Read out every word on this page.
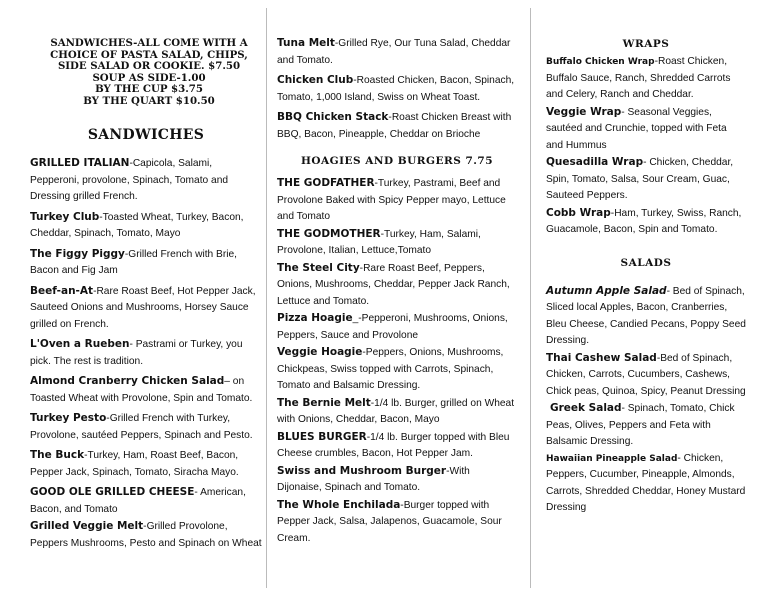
SANDWICHES-ALL COME WITH A
CHOICE OF PASTA SALAD, CHIPS,
SIDE SALAD OR COOKIE. $7.50
SOUP AS SIDE-1.00
BY THE CUP $3.75
BY THE QUART $10.50
SANDWICHES
GRILLED ITALIAN-Capicola, Salami, Pepperoni, provolone, Spinach, Tomato and Dressing grilled French.
Turkey Club-Toasted Wheat, Turkey, Bacon, Cheddar, Spinach, Tomato, Mayo
The Figgy Piggy-Grilled French with Brie, Bacon and Fig Jam
Beef-an-At-Rare Roast Beef, Hot Pepper Jack, Sauteed Onions and Mushrooms, Horsey Sauce grilled on French.
L'Oven a Rueben- Pastrami or Turkey, you pick. The rest is tradition.
Almond Cranberry Chicken Salad– on Toasted Wheat with Provolone, Spin and Tomato.
Turkey Pesto-Grilled French with Turkey, Provolone, sautéed Peppers, Spinach and Pesto.
The Buck-Turkey, Ham, Roast Beef, Bacon, Pepper Jack, Spinach, Tomato, Siracha Mayo.
GOOD OLE GRILLED CHEESE- American, Bacon, and Tomato
Grilled Veggie Melt-Grilled Provolone, Peppers Mushrooms, Pesto and Spinach on Wheat
Tuna Melt-Grilled Rye, Our Tuna Salad, Cheddar and Tomato.
Chicken Club-Roasted Chicken, Bacon, Spinach, Tomato, 1,000 Island, Swiss on Wheat Toast.
BBQ Chicken Stack-Roast Chicken Breast with BBQ, Bacon, Pineapple, Cheddar on Brioche
HOAGIES AND BURGERS 7.75
THE GODFATHER-Turkey, Pastrami, Beef and Provolone Baked with Spicy Pepper mayo, Lettuce and Tomato
THE GODMOTHER-Turkey, Ham, Salami, Provolone, Italian, Lettuce,Tomato
The Steel City-Rare Roast Beef, Peppers, Onions, Mushrooms, Cheddar, Pepper Jack Ranch, Lettuce and Tomato.
Pizza Hoagie_-Pepperoni, Mushrooms, Onions, Peppers, Sauce and Provolone
Veggie Hoagie-Peppers, Onions, Mushrooms, Chickpeas, Swiss topped with Carrots, Spinach, Tomato and Balsamic Dressing.
The Bernie Melt-1/4 lb. Burger, grilled on Wheat with Onions, Cheddar, Bacon, Mayo
BLUES BURGER-1/4 lb. Burger topped with Bleu Cheese crumbles, Bacon, Hot Pepper Jam.
Swiss and Mushroom Burger-With Dijonaise, Spinach and Tomato.
The Whole Enchilada-Burger topped with Pepper Jack, Salsa, Jalapenos, Guacamole, Sour Cream.
WRAPS
Buffalo Chicken Wrap-Roast Chicken, Buffalo Sauce, Ranch, Shredded Carrots and Celery, Ranch and Cheddar.
Veggie Wrap- Seasonal Veggies, sautéed and Crunchie, topped with Feta and Hummus
Quesadilla Wrap- Chicken, Cheddar, Spin, Tomato, Salsa, Sour Cream, Guac, Sauteed Peppers.
Cobb Wrap-Ham, Turkey, Swiss, Ranch, Guacamole, Bacon, Spin and Tomato.
SALADS
Autumn Apple Salad- Bed of Spinach, Sliced local Apples, Bacon, Cranberries, Bleu Cheese, Candied Pecans, Poppy Seed Dressing.
Thai Cashew Salad-Bed of Spinach, Chicken, Carrots, Cucumbers, Cashews, Chick peas, Quinoa, Spicy, Peanut Dressing
Greek Salad- Spinach, Tomato, Chick Peas, Olives, Peppers and Feta with Balsamic Dressing.
Hawaiian Pineapple Salad- Chicken, Peppers, Cucumber, Pineapple, Almonds, Carrots, Shredded Cheddar, Honey Mustard Dressing
